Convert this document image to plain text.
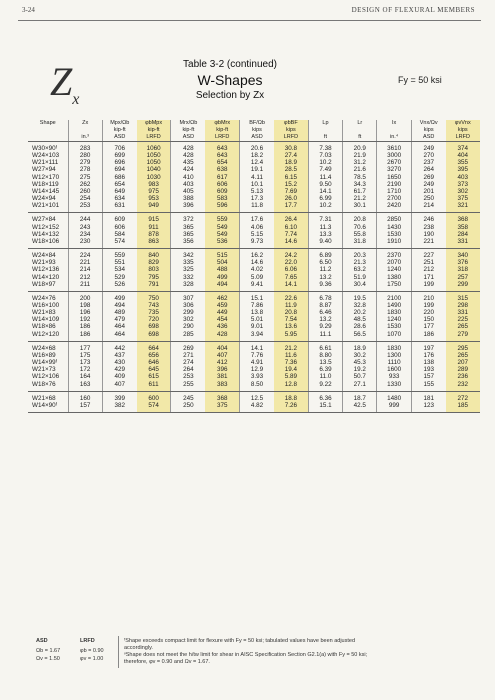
3-24	DESIGN OF FLEXURAL MEMBERS
$Z_x$
Table 3-2 (continued)
W-Shapes
Selection by Zx
Fy = 50 ksi
Shape	Zx	Mpx/Ωb	φbMpx	Mrx/Ωb	φbMrx	BF/Ωb	φbBF	Lp	Lr	Ix	Vnx/Ωv	φvVnx
		kip-ft	kip-ft	kip-ft	kip-ft	kips	kips				kips	kips
	in.³	ASD	LRFD	ASD	LRFD	ASD	LRFD	ft	ft	in.⁴	ASD	LRFD
W30×90ᶠ	283	706	1060	428	643	20.6	30.8	7.38	20.9	3610	249	374
W24×103	280	699	1050	428	643	18.2	27.4	7.03	21.9	3000	270	404
W21×111	279	696	1050	435	654	12.4	18.9	10.2	31.2	2670	237	355
W27×94	278	694	1040	424	638	19.1	28.5	7.49	21.6	3270	264	395
W12×170	275	686	1030	410	617	4.11	6.15	11.4	78.5	1650	269	403
W18×119	262	654	983	403	606	10.1	15.2	9.50	34.3	2190	249	373
W14×145	260	649	975	405	609	5.13	7.69	14.1	61.7	1710	201	302
W24×94	254	634	953	388	583	17.3	26.0	6.99	21.2	2700	250	375
W21×101	253	631	949	396	596	11.8	17.7	10.2	30.1	2420	214	321
W27×84	244	609	915	372	559	17.6	26.4	7.31	20.8	2850	246	368
W12×152	243	606	911	365	549	4.06	6.10	11.3	70.6	1430	238	358
W14×132	234	584	878	365	549	5.15	7.74	13.3	55.8	1530	190	284
W18×106	230	574	863	356	536	9.73	14.6	9.40	31.8	1910	221	331
W24×84	224	559	840	342	515	16.2	24.2	6.89	20.3	2370	227	340
W21×93	221	551	829	335	504	14.6	22.0	6.50	21.3	2070	251	376
W12×136	214	534	803	325	488	4.02	6.06	11.2	63.2	1240	212	318
W14×120	212	529	795	332	499	5.09	7.65	13.2	51.9	1380	171	257
W18×97	211	526	791	328	494	9.41	14.1	9.36	30.4	1750	199	299
W24×76	200	499	750	307	462	15.1	22.6	6.78	19.5	2100	210	315
W16×100	198	494	743	306	459	7.86	11.9	8.87	32.8	1490	199	298
W21×83	196	489	735	299	449	13.8	20.8	6.46	20.2	1830	220	331
W14×109	192	479	720	302	454	5.01	7.54	13.2	48.5	1240	150	225
W18×86	186	464	698	290	436	9.01	13.6	9.29	28.6	1530	177	265
W12×120	186	464	698	285	428	3.94	5.95	11.1	56.5	1070	186	279
W24×68	177	442	664	269	404	14.1	21.2	6.61	18.9	1830	197	295
W16×89	175	437	656	271	407	7.76	11.6	8.80	30.2	1300	176	265
W14×99ᶠ	173	430	646	274	412	4.91	7.36	13.5	45.3	1110	138	207
W21×73	172	429	645	264	396	12.9	19.4	6.39	19.2	1600	193	289
W12×106	164	409	615	253	381	3.93	5.89	11.0	50.7	933	157	236
W18×76	163	407	611	255	383	8.50	12.8	9.22	27.1	1330	155	232
W21×68	160	399	600	245	368	12.5	18.8	6.36	18.7	1480	181	272
W14×90ᶠ	157	382	574	250	375	4.82	7.26	15.1	42.5	999	123	185
ASD	LRFD
Ωb = 1.67
Ωv = 1.50
φb = 0.90
φv = 1.00
ᶠShape exceeds compact limit for flexure with Fy = 50 ksi; tabulated values have been adjusted
accordingly.
ᵛShape does not meet the h/tw limit for shear in AISC Specification Section G2.1(a) with Fy = 50 ksi;
therefore, φv = 0.90 and Ωv = 1.67.
